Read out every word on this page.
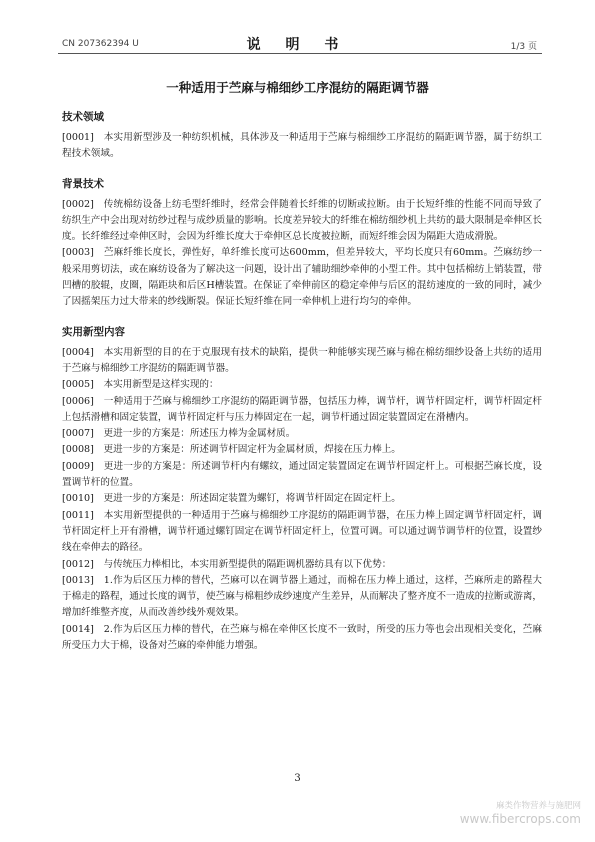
CN 207362394 U	说 明 书	1/3 页
一种适用于苎麻与棉细纱工序混纺的隔距调节器
技术领域

[0001]　本实用新型涉及一种纺织机械，具体涉及一种适用于苎麻与棉细纱工序混纺的隔距调节器，属于纺织工程技术领域。

背景技术

[0002]　传统棉纺设备上纺毛型纤维时，经常会伴随着长纤维的切断或拉断。由于长短纤维的性能不同而导致了纺织生产中会出现对纺纱过程与成纱质量的影响。长度差异较大的纤维在棉纺细纱机上共纺的最大限制是牵伸区长度。长纤维经过牵伸区时，会因为纤维长度大于牵伸区总长度被拉断，而短纤维会因为隔距大造成滑脱。

[0003]　苎麻纤维长度长，弹性好，单纤维长度可达600mm，但差异较大，平均长度只有60mm。苎麻纺纱一般采用剪切法，或在麻纺设备为了解决这一问题，设计出了辅助细纱牵伸的小型工件。其中包括棉纺上销装置，带凹槽的胶辊，皮圈，隔距块和后区H槽装置。在保证了牵伸前区的稳定牵伸与后区的混纺速度的一致的同时，减少了因摇架压力过大带来的纱线断裂。保证长短纤维在同一牵伸机上进行均匀的牵伸。

实用新型内容

[0004]　本实用新型的目的在于克服现有技术的缺陷，提供一种能够实现苎麻与棉在棉纺细纱设备上共纺的适用于苎麻与棉细纱工序混纺的隔距调节器。

[0005]　本实用新型是这样实现的：

[0006]　一种适用于苎麻与棉细纱工序混纺的隔距调节器，包括压力棒，调节杆，调节杆固定杆，调节杆固定杆上包括滑槽和固定装置，调节杆固定杆与压力棒固定在一起，调节杆通过固定装置固定在滑槽内。

[0007]　更进一步的方案是：所述压力棒为金属材质。

[0008]　更进一步的方案是：所述调节杆固定杆为金属材质，焊接在压力棒上。

[0009]　更进一步的方案是：所述调节杆内有螺纹，通过固定装置固定在调节杆固定杆上。可根据苎麻长度，设置调节杆的位置。

[0010]　更进一步的方案是：所述固定装置为螺钉，将调节杆固定在固定杆上。

[0011]　本实用新型提供的一种适用于苎麻与棉细纱工序混纺的隔距调节器，在压力棒上固定调节杆固定杆，调节杆固定杆上开有滑槽，调节杆通过螺钉固定在调节杆固定杆上，位置可调。可以通过调节调节杆的位置，设置纱线在牵伸去的路径。

[0012]　与传统压力棒相比，本实用新型提供的隔距调机器纺具有以下优势：

[0013]　1.作为后区压力棒的替代，苎麻可以在调节器上通过，而棉在压力棒上通过，这样，苎麻所走的路程大于棉走的路程，通过长度的调节，使苎麻与棉粗纱成纱速度产生差异，从而解决了整齐度不一造成的拉断或游离，增加纤维整齐度，从而改善纱线外观效果。

[0014]　2.作为后区压力棒的替代，在苎麻与棉在牵伸区长度不一致时，所受的压力等也会出现相关变化，苎麻所受压力大于棉，设备对苎麻的牵伸能力增强。

3
麻类作物营养与施肥网
www.fibercrops.com
